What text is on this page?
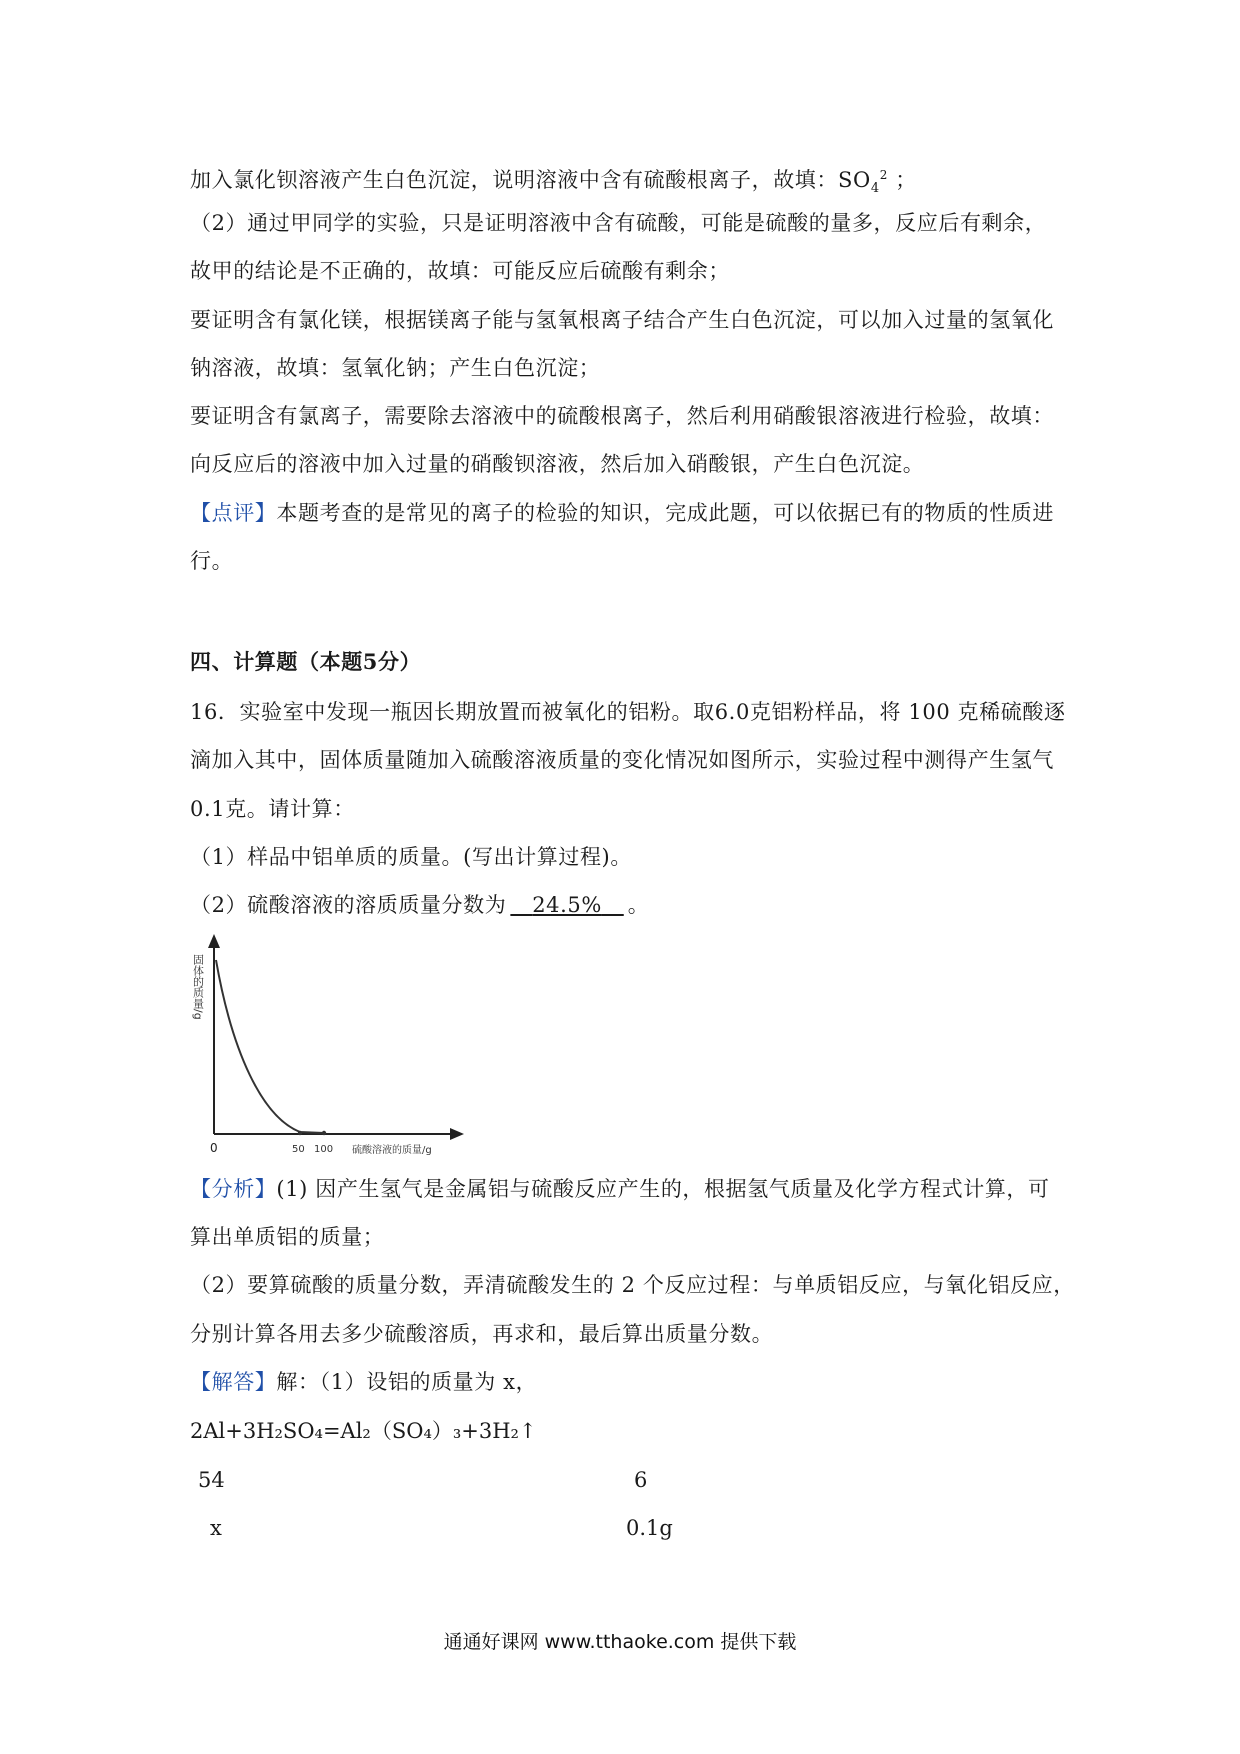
加入氯化钡溶液产生白色沉淀，说明溶液中含有硫酸根离子，故填：$SO_4^2$ ；
（2）通过甲同学的实验，只是证明溶液中含有硫酸，可能是硫酸的量多，反应后有剩余，
故甲的结论是不正确的，故填：可能反应后硫酸有剩余；
要证明含有氯化镁，根据镁离子能与氢氧根离子结合产生白色沉淀，可以加入过量的氢氧化
钠溶液，故填：氢氧化钠；产生白色沉淀；
要证明含有氯离子，需要除去溶液中的硫酸根离子，然后利用硝酸银溶液进行检验，故填：
向反应后的溶液中加入过量的硝酸钡溶液，然后加入硝酸银，产生白色沉淀。
【点评】本题考查的是常见的离子的检验的知识，完成此题，可以依据已有的物质的性质进
行。
四、计算题（本题5分）
16．实验室中发现一瓶因长期放置而被氧化的铝粉。取6.0克铝粉样品，将 100 克稀硫酸逐
滴加入其中，固体质量随加入硫酸溶液质量的变化情况如图所示，实验过程中测得产生氢气
0.1克。请计算：
（1）样品中铝单质的质量。(写出计算过程)。
（2）硫酸溶液的溶质质量分数为 24.5% 。
固体的质量/g
0	50 100 硫酸溶液的质量/g
【分析】(1) 因产生氢气是金属铝与硫酸反应产生的，根据氢气质量及化学方程式计算，可
算出单质铝的质量；
（2）要算硫酸的质量分数，弄清硫酸发生的 2 个反应过程：与单质铝反应，与氧化铝反应，
分别计算各用去多少硫酸溶质，再求和，最后算出质量分数。
【解答】解：（1）设铝的质量为 x，
2Al+3H₂SO₄=Al₂（SO₄）₃+3H₂↑
54	6
x	0.1g
通通好课网 www.tthaoke.com 提供下载
